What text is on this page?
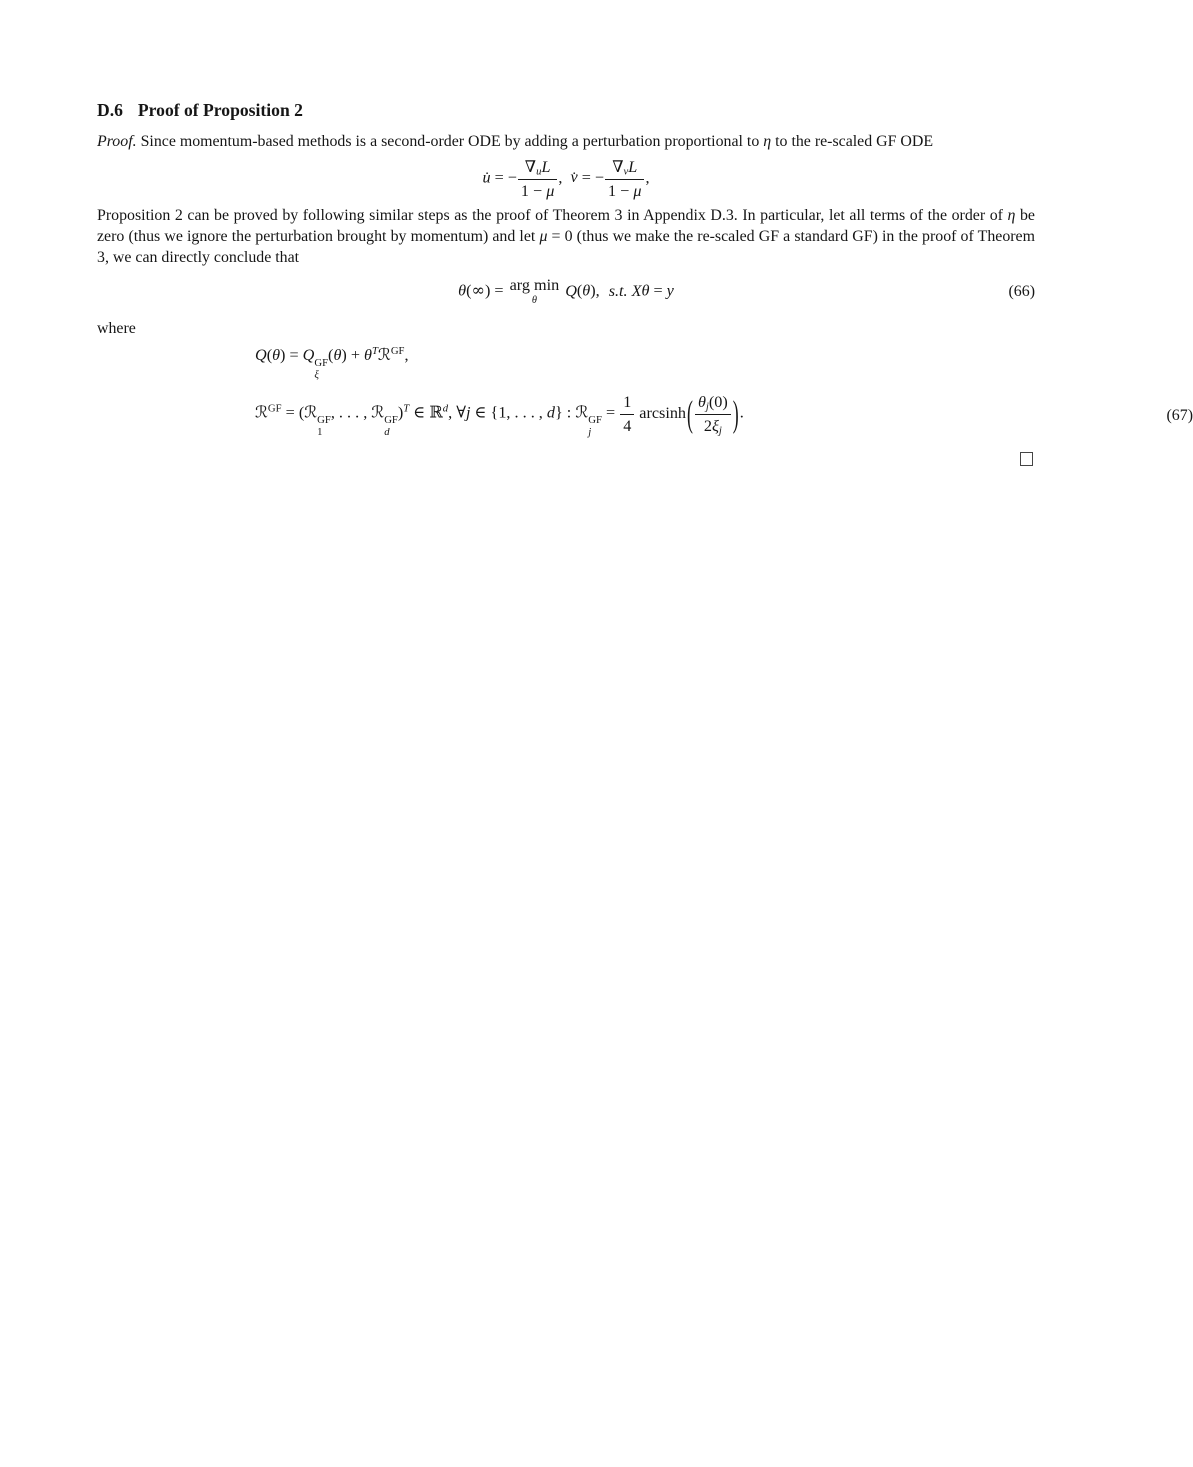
D.6 Proof of Proposition 2

Proof. Since momentum-based methods is a second-order ODE by adding a perturbation proportional to η to the re-scaled GF ODE

u̇ = − $\frac{\nabla_uL}{1 - \mu}$ , v̇ = − $\frac{\nabla_vL}{1 - \mu}$ ,

Proposition 2 can be proved by following similar steps as the proof of Theorem 3 in Appendix D.3. In particular, let all terms of the order of η be zero (thus we ignore the perturbation brought by momentum) and let μ = 0 (thus we make the re-scaled GF a standard GF) in the proof of Theorem 3, we can directly conclude that

θ(∞) = arg min
θ
Q(θ), s.t. Xθ = y	(66)

where

Q(θ) = Q GF
ξ
$(\theta) + \theta^Tℛ^{GF}$,
ℛ$^{GF}$ = (ℛ GF
1
, . . . , ℛ GF
d
)$^T$ ∈ ℝ$^d$, ∀j ∈ {1, . . . , d} : ℛ GF
j
= $\frac{1}{4} \arcsin h( \frac{\theta_j(0)}{2\xi_j}$ ).	(67)
